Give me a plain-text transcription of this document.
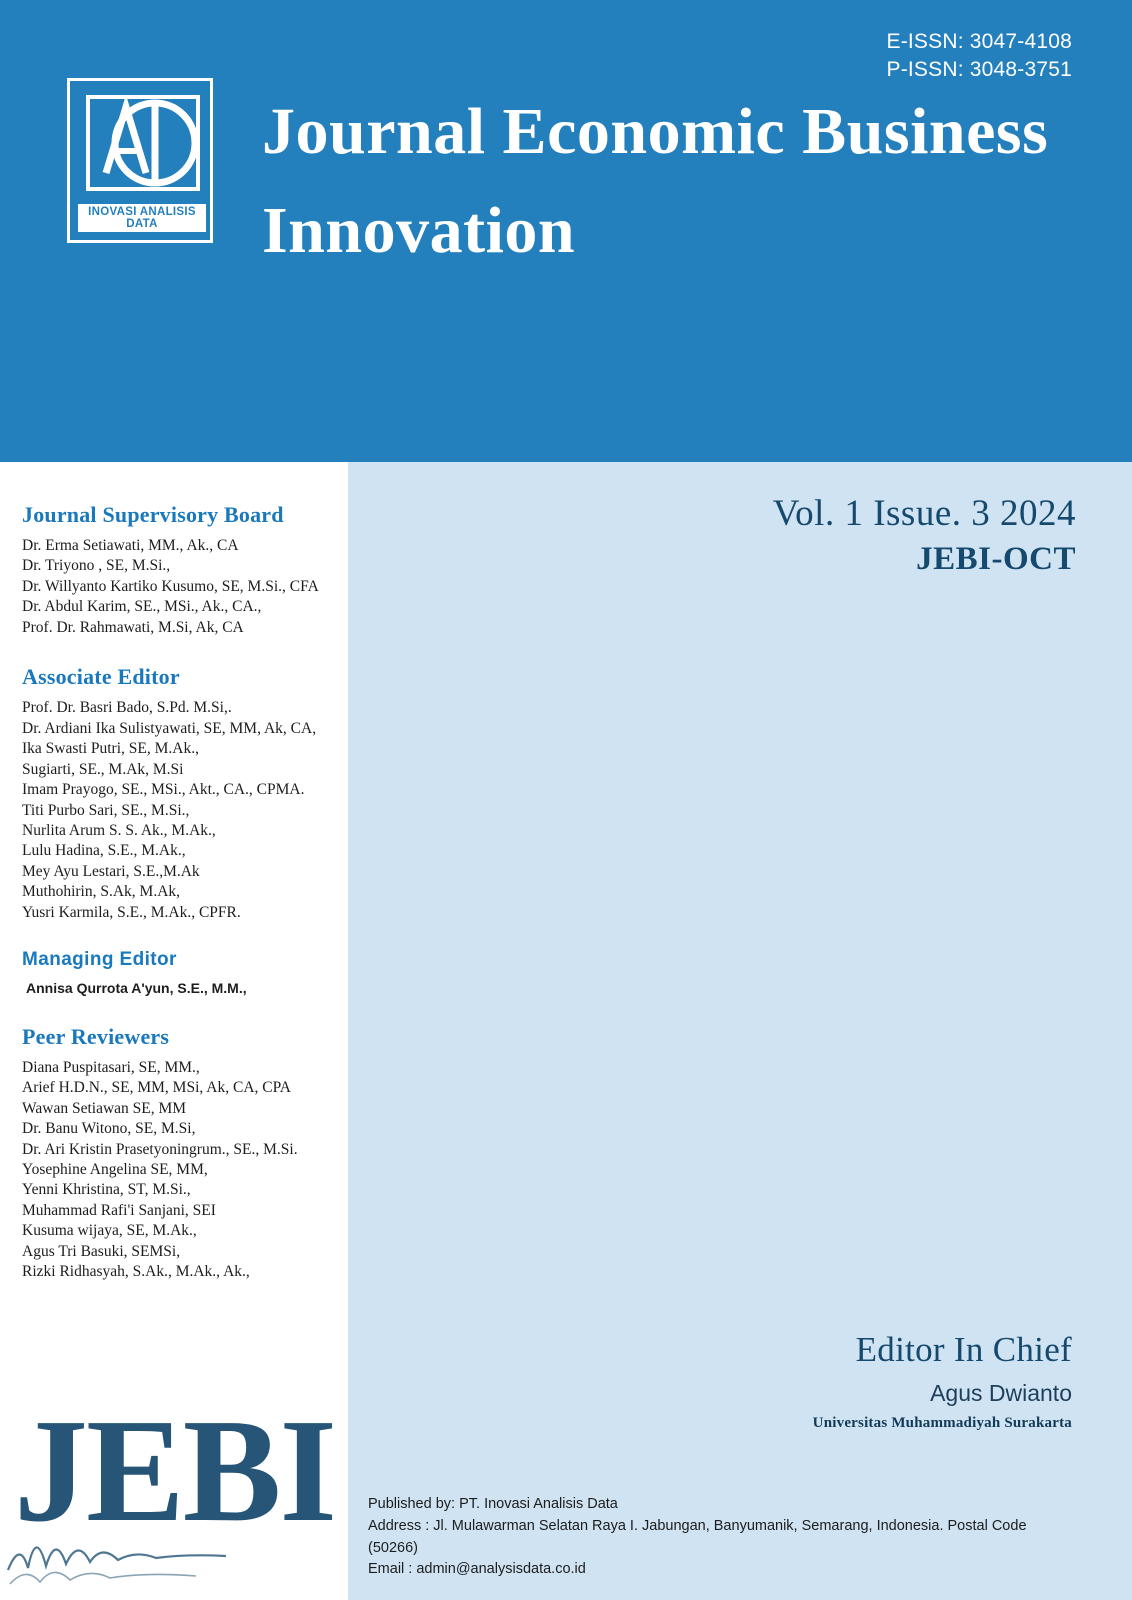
E-ISSN: 3047-4108
P-ISSN: 3048-3751
INOVASI ANALISIS DATA
Journal Economic Business Innovation
Journal Supervisory Board
Dr. Erma Setiawati, MM., Ak., CA
Dr. Triyono , SE, M.Si.,
Dr. Willyanto Kartiko Kusumo, SE, M.Si., CFA
Dr. Abdul Karim, SE., MSi., Ak., CA.,
Prof. Dr. Rahmawati, M.Si, Ak, CA
Associate Editor
Prof. Dr. Basri Bado, S.Pd. M.Si,.
Dr. Ardiani Ika Sulistyawati, SE, MM, Ak, CA,
Ika Swasti Putri, SE, M.Ak.,
Sugiarti, SE., M.Ak, M.Si
Imam Prayogo, SE., MSi., Akt., CA., CPMA.
Titi Purbo Sari, SE., M.Si.,
Nurlita Arum S. S. Ak., M.Ak.,
Lulu Hadina, S.E., M.Ak.,
Mey Ayu Lestari, S.E.,M.Ak
Muthohirin, S.Ak, M.Ak,
Yusri Karmila, S.E., M.Ak., CPFR.
Managing Editor
Annisa Qurrota A'yun, S.E., M.M.,
Peer Reviewers
Diana Puspitasari, SE, MM.,
Arief H.D.N., SE, MM, MSi, Ak, CA, CPA
Wawan Setiawan SE, MM
Dr. Banu Witono, SE, M.Si,
Dr. Ari Kristin Prasetyoningrum., SE., M.Si.
Yosephine Angelina SE, MM,
Yenni Khristina, ST, M.Si.,
Muhammad Rafi'i Sanjani, SEI
Kusuma wijaya, SE, M.Ak.,
Agus Tri Basuki, SEMSi,
Rizki Ridhasyah, S.Ak., M.Ak., Ak.,
Vol. 1 Issue. 3 2024
JEBI-OCT
Editor In Chief
Agus Dwianto
Universitas Muhammadiyah Surakarta
Published by: PT. Inovasi Analisis Data
Address : Jl. Mulawarman Selatan Raya I. Jabungan, Banyumanik, Semarang, Indonesia. Postal Code (50266)
Email : admin@analysisdata.co.id
JEBI
